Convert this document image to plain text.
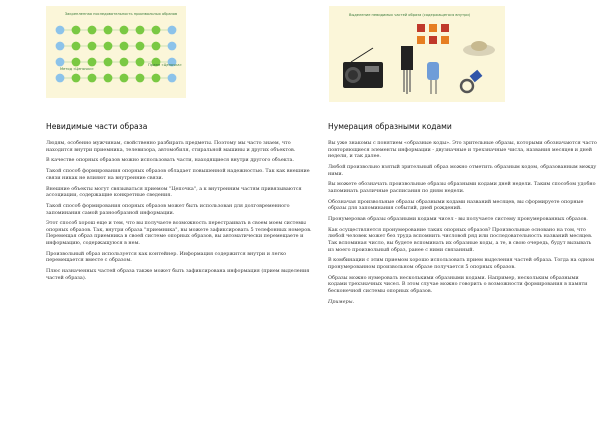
Закрепленная последовательность произвольных образов
Метод «Цепочки»
Прием «Цепочка»
Выделение невидимых частей образа (содержащегося внутри)
Невидимые части образа

Людям, особенно мужчинам, свойственно разбирать предметы. Поэтому мы часто знаем, что находится внутри приемника, телевизора, автомобиля, стиральной машины и других объектов.

В качестве опорных образов можно использовать части, находящиеся внутри другого объекта.

Такой способ формирования опорных образов обладает повышенной надежностью. Так как внешние связи никак не влияют на внутренние связи.

Внешние объекты могут связываться приемом "Цепочка", а к внутренним частям привязываются ассоциации, содержащие конкретные сведения.

Такой способ формирования опорных образов может быть использован для долговременного запоминания самой разнообразной информации.

Этот способ хорош еще и тем, что вы получаете возможность перестраивать в своем моем системы опорных образов. Так, внутри образа "приемника", вы можете зафиксировать 5 телефонных номеров. Перемещая образ приемника в своей системе опорных образов, вы автоматически перемещаете и информацию, содержащуюся в нем.

Произвольный образ используется как контейнер. Информация содержится внутри и легко перемещается вместе с образом.

Плюс назначенных частей образа также может быть зафиксирована информация (прием выделения частей образа).

Нумерация образными кодами

Вы уже знакомы с понятием «образные коды». Это зрительные образы, которыми обозначаются часто повторяющиеся элементы информации - двузначные и трехзначные числа, названия месяцев и дней недели, и так далее.

Любой произвольно взятый зрительный образ можно отметить образным кодом, образованным между ними.

Вы можете обозначать произвольные образы образными кодами дней недели. Таким способом удобно запоминать различные расписания по дням недели.

Обозначая произвольные образы образными кодами названий месяцев, вы сформируете опорные образы для запоминания событий, дней рождений.

Пронумеровав образы образными кодами чисел - вы получаете систему пронумерованных образов.

Как осуществляется пронумерование таких опорных образов? Произвольные основано на том, что любой человек может без труда вспомнить числовой ряд или последовательность названий месяцев. Так вспоминая число, вы будете вспоминать их образные коды, а те, в свою очередь, будут вызывать из моего произвольный образ, ранее с ними связанный.

В комбинации с этим приемом хорошо использовать прием выделения частей образа. Тогда на одном пронумерованном произвольном образе получается 5 опорных образов.

Образы можно нумеровать несколькими образными кодами. Например, нескольким образными кодами трехзначных чисел. В этом случае можно говорить о возможности формирования в памяти бесконечной системы опорных образов.

Примеры.
